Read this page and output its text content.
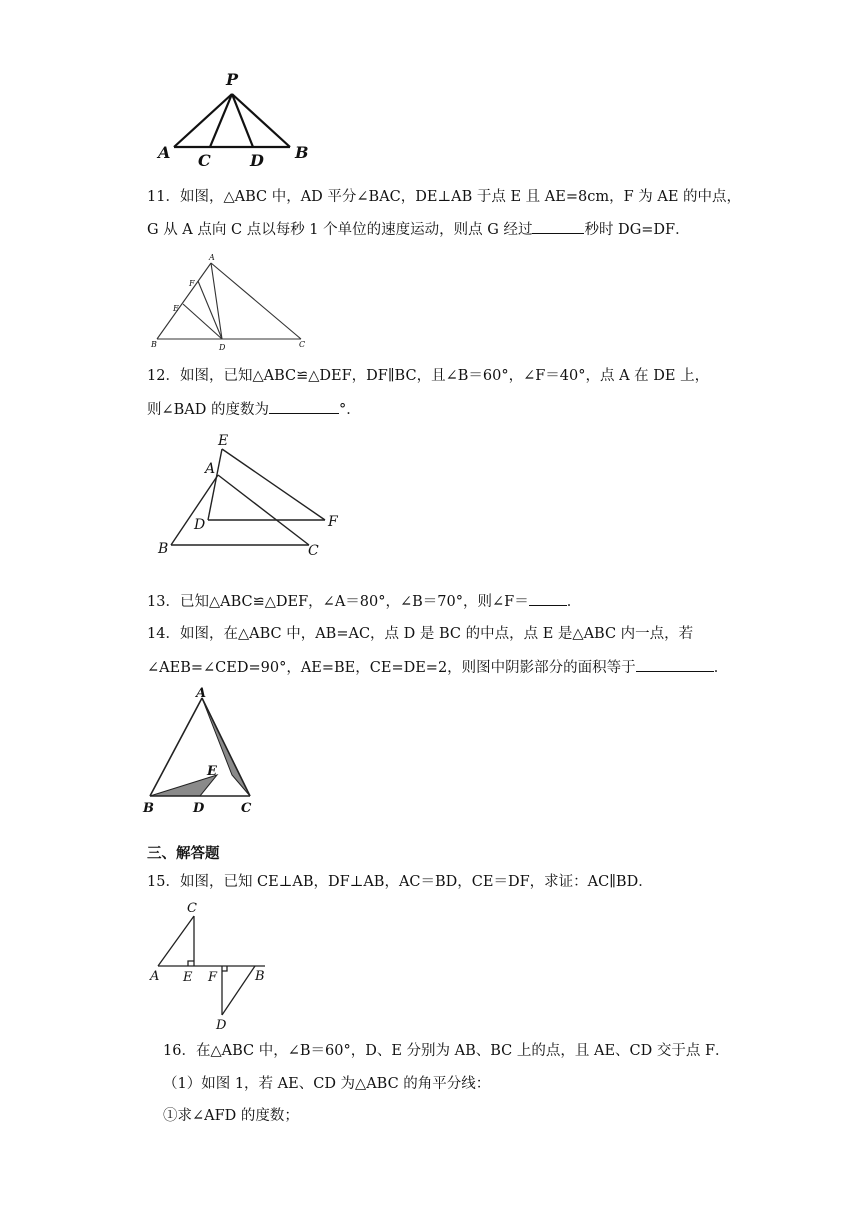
P
A C D B
11．如图，△ABC 中，AD 平分∠BAC，DE⊥AB 于点 E 且 AE=8cm，F 为 AE 的中点，
G 从 A 点向 C 点以每秒 1 个单位的速度运动，则点 G 经过	秒时 DG=DF．
A
F
E
B	D	C
12．如图，已知△ABC≌△DEF，DF∥BC，且∠B＝60°，∠F＝40°，点 A 在 DE 上，
则∠BAD 的度数为	°．
E
A
D	F
B	C
13．已知△ABC≌△DEF，∠A＝80°，∠B＝70°，则∠F＝	．
14．如图，在△ABC 中，AB=AC，点 D 是 BC 的中点，点 E 是△ABC 内一点，若
∠AEB=∠CED=90°，AE=BE，CE=DE=2，则图中阴影部分的面积等于	．
A
E
B	D	C
三、解答题
15．如图，已知 CE⊥AB，DF⊥AB，AC＝BD，CE＝DF，求证：AC∥BD．
C
A E F	B
D
16．在△ABC 中，∠B＝60°，D、E 分别为 AB、BC 上的点，且 AE、CD 交于点 F．
（1）如图 1，若 AE、CD 为△ABC 的角平分线：
①求∠AFD 的度数；
